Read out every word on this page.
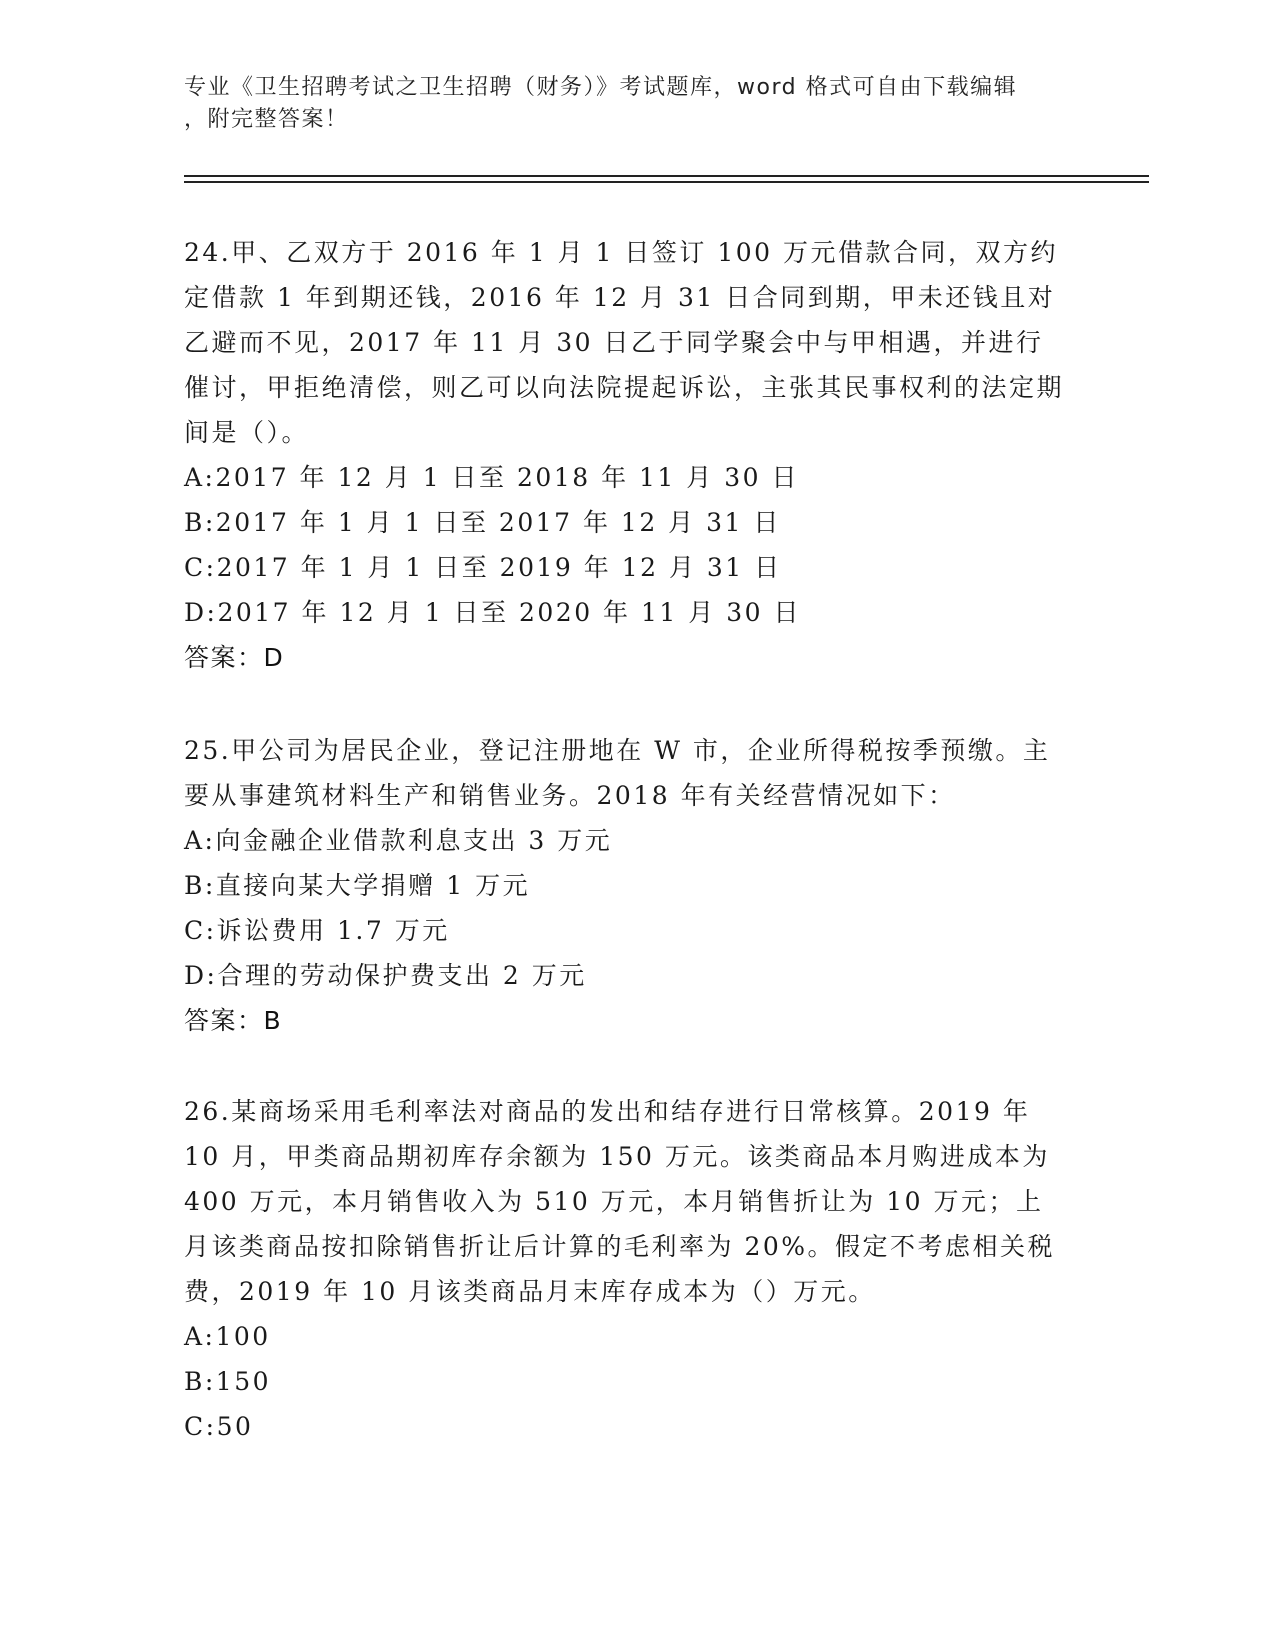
专业《卫生招聘考试之卫生招聘（财务）》考试题库，word 格式可自由下载编辑
，附完整答案！

24.甲、乙双方于 2016 年 1 月 1 日签订 100 万元借款合同，双方约定借款 1 年到期还钱，2016 年 12 月 31 日合同到期，甲未还钱且对乙避而不见，2017 年 11 月 30 日乙于同学聚会中与甲相遇，并进行催讨，甲拒绝清偿，则乙可以向法院提起诉讼，主张其民事权利的法定期间是（）。

A: 2017 年 12 月 1 日至 2018 年 11 月 30 日
B: 2017 年 1 月 1 日至 2017 年 12 月 31 日
C: 2017 年 1 月 1 日至 2019 年 12 月 31 日
D: 2017 年 12 月 1 日至 2020 年 11 月 30 日

答案：D

25.甲公司为居民企业，登记注册地在 W 市，企业所得税按季预缴。主要从事建筑材料生产和销售业务。2018 年有关经营情况如下：

A: 向金融企业借款利息支出 3 万元
B: 直接向某大学捐赠 1 万元
C: 诉讼费用 1.7 万元
D: 合理的劳动保护费支出 2 万元

答案：B

26.某商场采用毛利率法对商品的发出和结存进行日常核算。2019 年 10 月，甲类商品期初库存余额为 150 万元。该类商品本月购进成本为 400 万元，本月销售收入为 510 万元，本月销售折让为 10 万元；上月该类商品按扣除销售折让后计算的毛利率为 20%。假定不考虑相关税费，2019 年 10 月该类商品月末库存成本为（）万元。

A: 100
B: 150
C: 50
